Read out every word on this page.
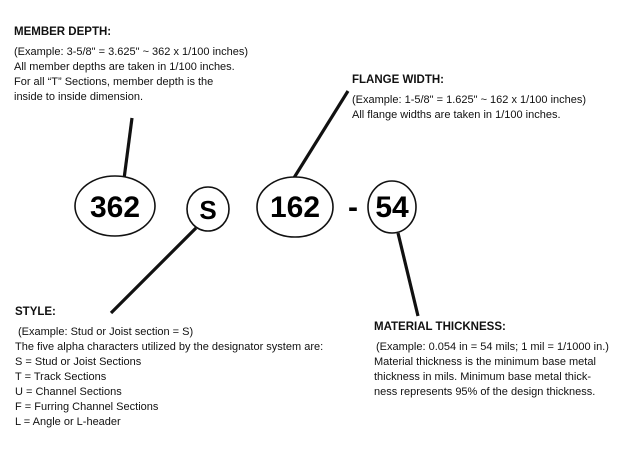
362 S 162 - 54
MEMBER DEPTH:
(Example: 3-5/8" = 3.625" ~ 362 x 1/100 inches)
All member depths are taken in 1/100 inches.
For all “T” Sections, member depth is the
inside to inside dimension.
FLANGE WIDTH:
(Example: 1-5/8" = 1.625" ~ 162 x 1/100 inches)
All flange widths are taken in 1/100 inches.
STYLE:
(Example: Stud or Joist section = S)
The five alpha characters utilized by the designator system are:
S = Stud or Joist Sections
T = Track Sections
U = Channel Sections
F = Furring Channel Sections
L = Angle or L-header
MATERIAL THICKNESS:
(Example: 0.054 in = 54 mils; 1 mil = 1/1000 in.)
Material thickness is the minimum base metal
thickness in mils. Minimum base metal thick-
ness represents 95% of the design thickness.
